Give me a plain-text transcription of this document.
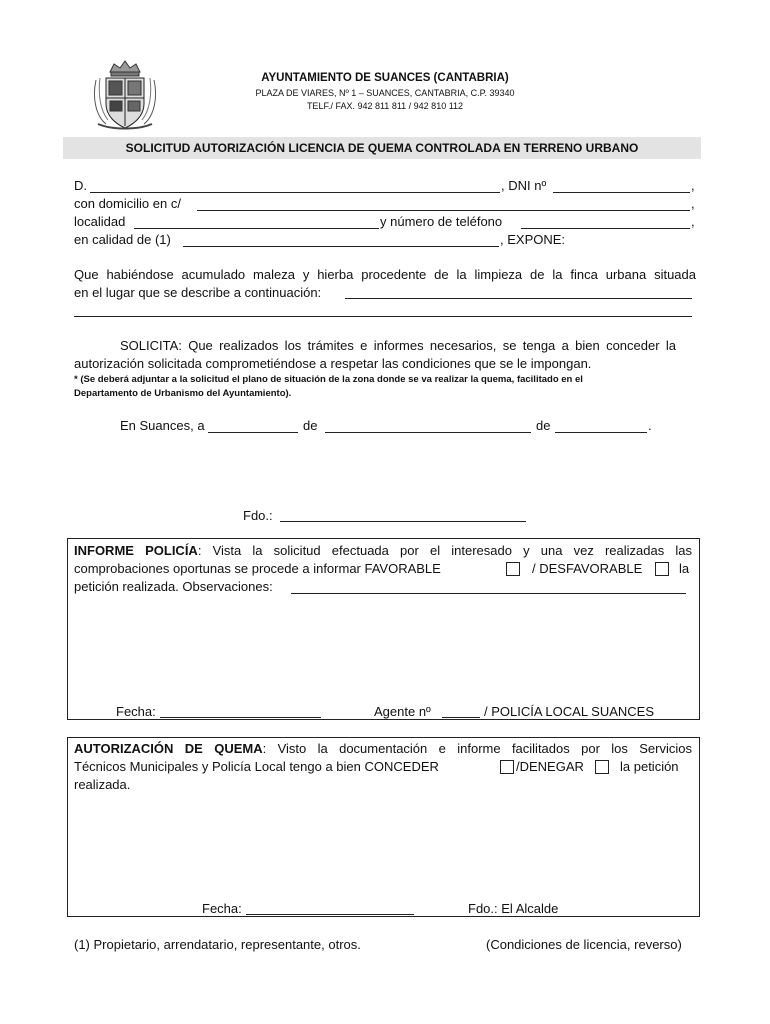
AYUNTAMIENTO DE SUANCES (CANTABRIA)
PLAZA DE VIARES, Nº 1 – SUANCES, CANTABRIA, C.P. 39340
TELF./ FAX. 942 811 811 / 942 810 112
SOLICITUD AUTORIZACIÓN LICENCIA DE QUEMA CONTROLADA EN TERRENO URBANO
D.	, DNI nº	,
con domicilio en c/	,
localidad	y número de teléfono	,
en calidad de (1)	, EXPONE:
Que habiéndose acumulado maleza y hierba procedente de la limpieza de la finca urbana situada
en el lugar que se describe a continuación:
SOLICITA: Que realizados los trámites e informes necesarios, se tenga a bien conceder la
autorización solicitada comprometiéndose a respetar las condiciones que se le impongan.
* (Se deberá adjuntar a la solicitud el plano de situación de la zona donde se va realizar la quema, facilitado en el
Departamento de Urbanismo del Ayuntamiento).
En Suances, a	de	de	.
Fdo.:
INFORME POLICÍA: Vista la solicitud efectuada por el interesado y una vez realizadas las
comprobaciones oportunas se procede a informar FAVORABLE	/ DESFAVORABLE	la
petición realizada. Observaciones:
Fecha:	Agente nº	/ POLICÍA LOCAL SUANCES
AUTORIZACIÓN DE QUEMA: Visto la documentación e informe facilitados por los Servicios
Técnicos Municipales y Policía Local tengo a bien CONCEDER	/DENEGAR	la petición
realizada.
Fecha:	Fdo.: El Alcalde
(1) Propietario, arrendatario, representante, otros.	(Condiciones de licencia, reverso)
